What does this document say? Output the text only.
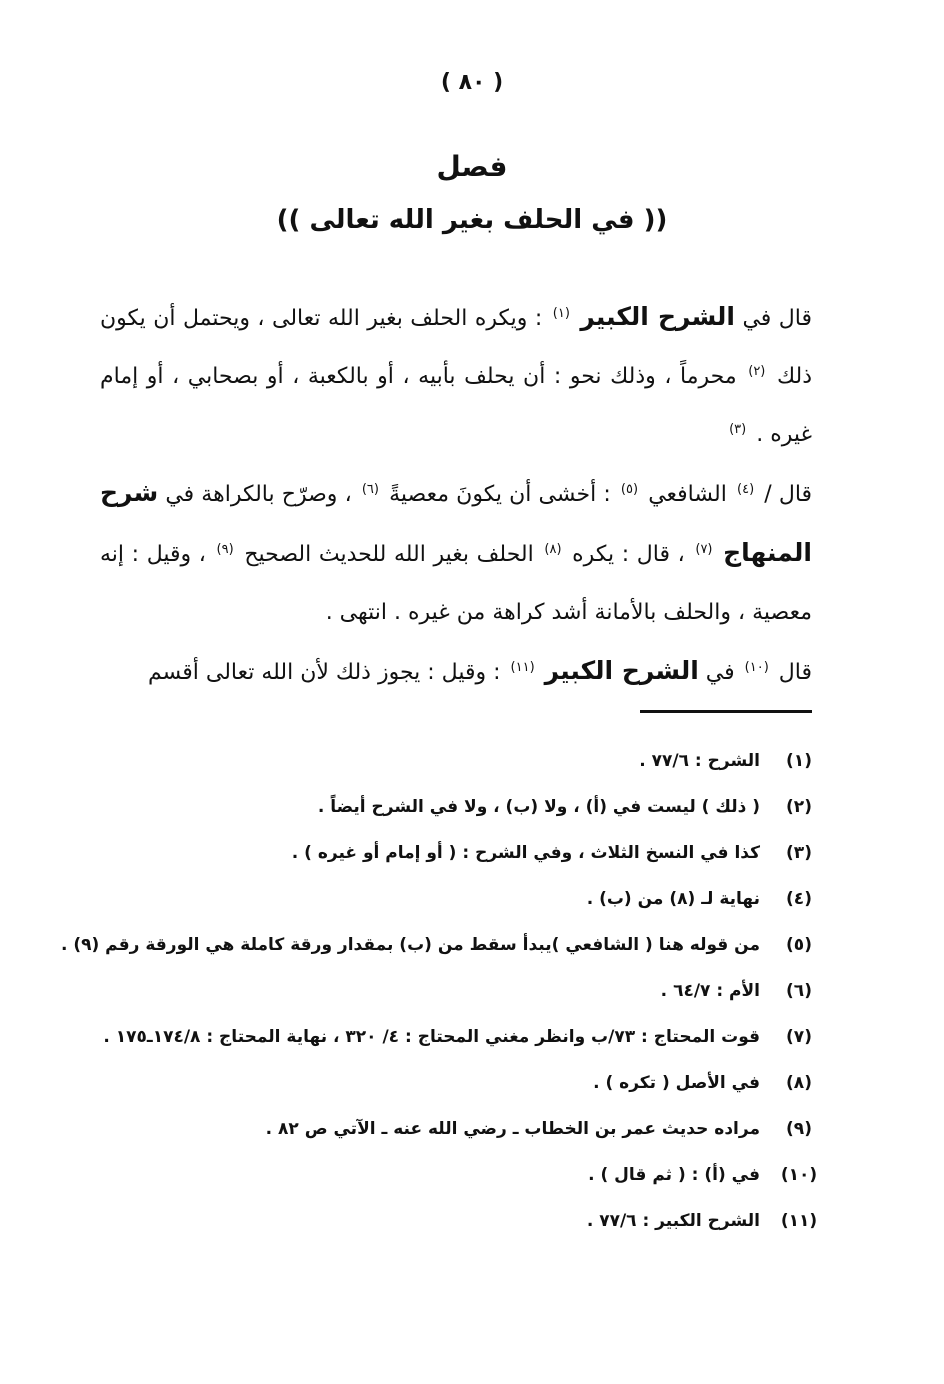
( ٨٠ )
فصل
(( في الحلف بغير الله تعالى ))

قال في الشرح الكبير $^{(١)}$ : ويكره الحلف بغير الله تعالى ، ويحتمل أن يكون ذلك $^{(٢)}$ محرماً ، وذلك نحو : أن يحلف بأبيه ، أو بالكعبة ، أو بصحابي ، أو إمام غيره . $^{(٣)}$

قال / $^{(٤)}$ الشافعي $^{(٥)}$ : أخشى أن يكونَ معصيةً $^{(٦)}$ ، وصرّح بالكراهة في شرح المنهاج $^{(٧)}$ ، قال : يكره $^{(٨)}$ الحلف بغير الله للحديث الصحيح $^{(٩)}$ ، وقيل : إنه معصية ، والحلف بالأمانة أشد كراهة من غيره . انتهى .

قال $^{(١٠)}$ في الشرح الكبير $^{(١١)}$ : وقيل : يجوز ذلك لأن الله تعالى أقسم

(١)
الشرح : ٧٧/٦ .
(٢)
( ذلك ) ليست في (أ) ، ولا (ب) ، ولا في الشرح أيضاً .
(٣)
كذا في النسخ الثلاث ، وفي الشرح : ( أو إمام أو غيره ) .
(٤)
نهاية لـ (٨) من (ب) .
(٥)
من قوله هنا ( الشافعي )يبدأ سقط من (ب) بمقدار ورقة كاملة هي الورقة رقم (٩) .
(٦)
الأم : ٦٤/٧ .
(٧)
قوت المحتاج : ٧٣/ب وانظر مغني المحتاج : ٤/ ٣٢٠ ، نهاية المحتاج : ١٧٤/٨ـ١٧٥ .
(٨)
في الأصل ( تكره ) .
(٩)
مراده حديث عمر بن الخطاب ـ رضي الله عنه ـ الآتي ص ٨٢ .
(١٠)
في (أ) : ( ثم قال ) .
(١١)
الشرح الكبير : ٧٧/٦ .
